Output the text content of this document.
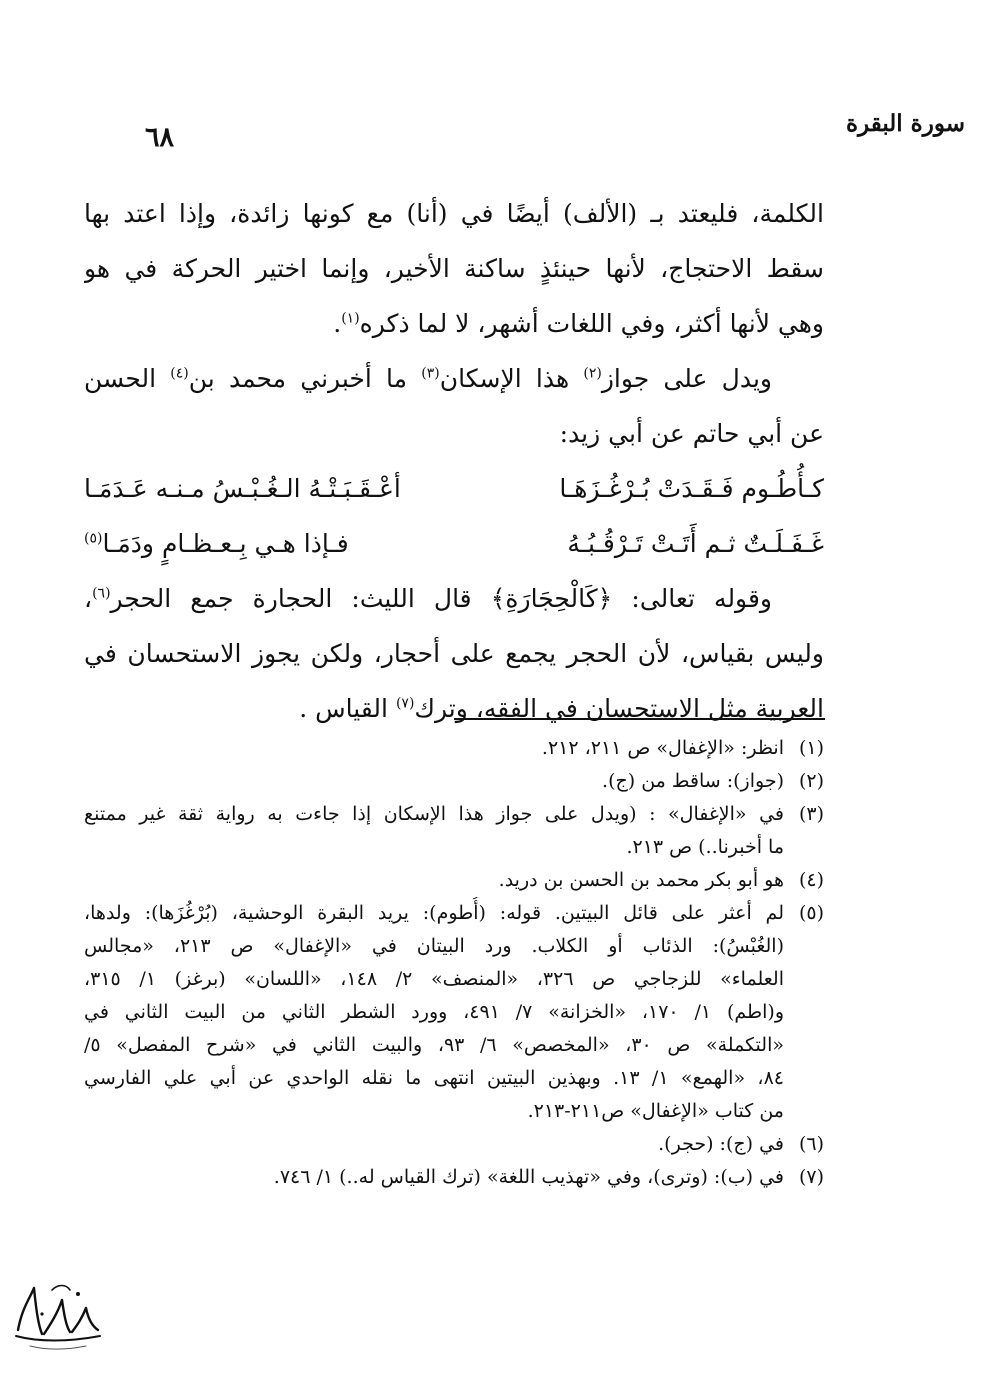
سورة البقرة
٦٨
الكلمة، فليعتد بـ (الألف) أيضًا في (أنا) مع كونها زائدة، وإذا اعتد بها
سقط الاحتجاج، لأنها حينئذٍ ساكنة الأخير، وإنما اختير الحركة في هو
وهي لأنها أكثر، وفي اللغات أشهر، لا لما ذكره$^{(١)}$.
ويدل على جواز$^{(٢)}$ هذا الإسكان$^{(٣)}$ ما أخبرني محمد بن$^{(٤)}$ الحسن
عن أبي حاتم عن أبي زيد:
كـأُطُـوم فَـقَـدَتْ بُـرْغُـزَهَـا
أعْـقَـبَـتْـهُ الـغُـبْـسُ مـنـه عَـدَمَـا
غَـفَـلَـتٌ ثـم أَتَـتْ تَـرْقُـبُـهُ
فـإذا هـي بِـعـظـامٍ ودَمَـا$^{(٥)}$
وقوله تعالى: ﴿كَالْحِجَارَةِ﴾ قال الليث: الحجارة جمع الحجر$^{(٦)}$،
وليس بقياس، لأن الحجر يجمع على أحجار، ولكن يجوز الاستحسان في
العربية مثل الاستحسان في الفقه، وترك$^{(٧)}$ القياس .
(١)
انظر: «الإغفال» ص ٢١١، ٢١٢.
(٢)
(جواز): ساقط من (ج).
(٣)
في «الإغفال» : (ويدل على جواز هذا الإسكان إذا جاءت به رواية ثقة غير ممتنع
ما أخبرنا..) ص ٢١٣.
(٤)
هو أبو بكر محمد بن الحسن بن دريد.
(٥)
لم أعثر على قائل البيتين. قوله: (أُطوم): يريد البقرة الوحشية، (بُرْغُزَها): ولدها،
(الغُبْسُ): الذئاب أو الكلاب. ورد البيتان في «الإغفال» ص ٢١٣، «مجالس
العلماء» للزجاجي ص ٣٢٦، «المنصف» ٢/ ١٤٨، «اللسان» (برغز) ١/ ٣١٥،
و(اطم) ١/ ١٧٠، «الخزانة» ٧/ ٤٩١، وورد الشطر الثاني من البيت الثاني في
«التكملة» ص ٣٠، «المخصص» ٦/ ٩٣، والبيت الثاني في «شرح المفصل» ٥/
٨٤، «الهمع» ١/ ١٣. وبهذين البيتين انتهى ما نقله الواحدي عن أبي علي الفارسي
من كتاب «الإغفال» ص٢١١-٢١٣.
(٦)
في (ج): (حجر).
(٧)
في (ب): (وترى)، وفي «تهذيب اللغة» (ترك القياس له..) ١/ ٧٤٦.
